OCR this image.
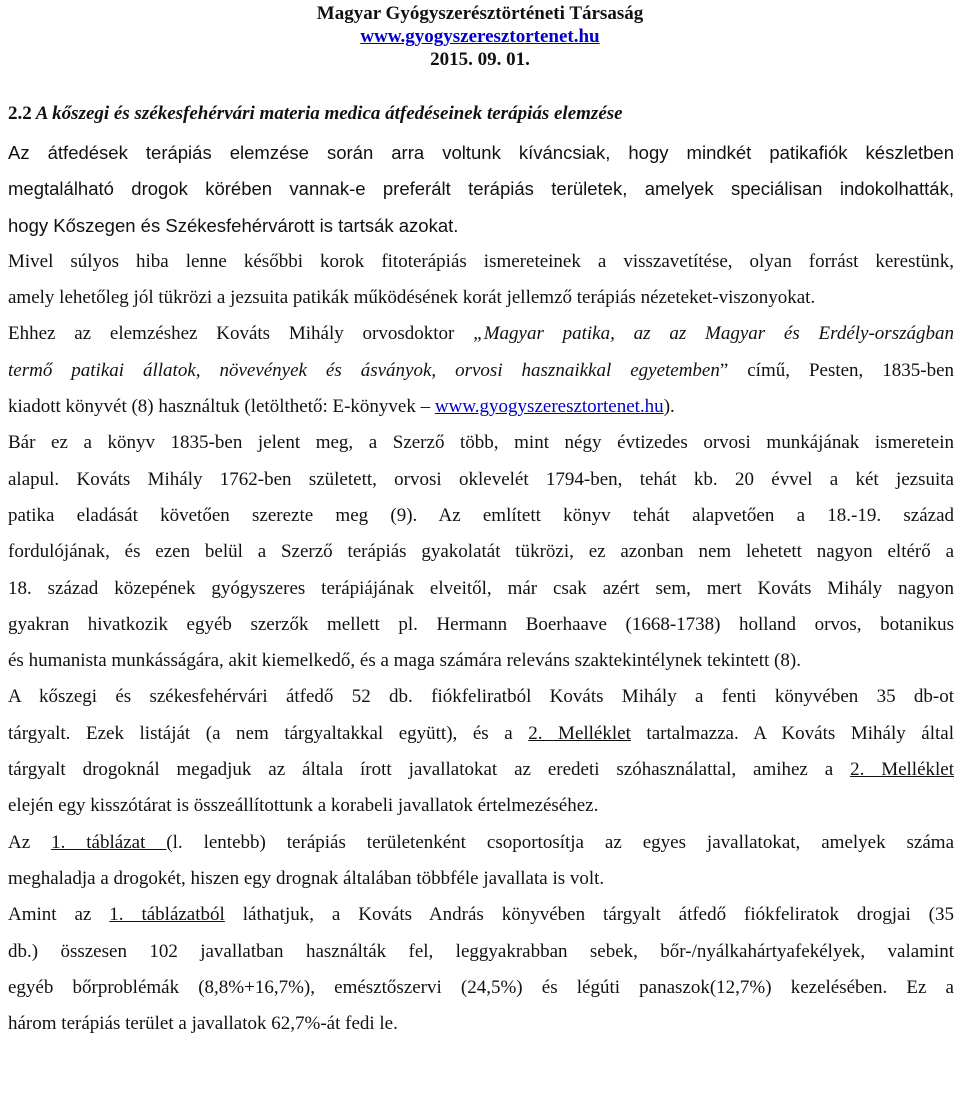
Magyar Gyógyszerésztörténeti Társaság
www.gyogyszeresztortenet.hu
2015. 09. 01.
2.2 A kőszegi és székesfehérvári materia medica átfedéseinek terápiás elemzése
Az átfedések terápiás elemzése során arra voltunk kíváncsiak, hogy mindkét patikafiók készletben
megtalálható drogok körében vannak-e preferált terápiás területek, amelyek speciálisan indokolhatták,
hogy Kőszegen és Székesfehérvárott is tartsák azokat.
Mivel súlyos hiba lenne későbbi korok fitoterápiás ismereteinek a visszavetítése, olyan forrást kerestünk,
amely lehetőleg jól tükrözi a jezsuita patikák működésének korát jellemző terápiás nézeteket-viszonyokat.
Ehhez az elemzéshez Kováts Mihály orvosdoktor „Magyar patika, az az Magyar és Erdély-országban
termő patikai állatok, növevények és ásványok, orvosi hasznaikkal egyetemben” című, Pesten, 1835-ben
kiadott könyvét (8) használtuk (letölthető: E-könyvek – www.gyogyszeresztortenet.hu).
Bár ez a könyv 1835-ben jelent meg, a Szerző több, mint négy évtizedes orvosi munkájának ismeretein
alapul. Kováts Mihály 1762-ben született, orvosi oklevelét 1794-ben, tehát kb. 20 évvel a két jezsuita
patika eladását követően szerezte meg (9). Az említett könyv tehát alapvetően a 18.-19. század
fordulójának, és ezen belül a Szerző terápiás gyakolatát tükrözi, ez azonban nem lehetett nagyon eltérő a
18. század közepének gyógyszeres terápiájának elveitől, már csak azért sem, mert Kováts Mihály nagyon
gyakran hivatkozik egyéb szerzők mellett pl. Hermann Boerhaave (1668-1738) holland orvos, botanikus
és humanista munkásságára, akit kiemelkedő, és a maga számára releváns szaktekintélynek tekintett (8).
A kőszegi és székesfehérvári átfedő 52 db. fiókfeliratból Kováts Mihály a fenti könyvében 35 db-ot
tárgyalt. Ezek listáját (a nem tárgyaltakkal együtt), és a 2. Melléklet tartalmazza. A Kováts Mihály által
tárgyalt drogoknál megadjuk az általa írott javallatokat az eredeti szóhasználattal, amihez a 2. Melléklet
elején egy kisszótárat is összeállítottunk a korabeli javallatok értelmezéséhez.
Az 1. táblázat (l. lentebb) terápiás területenként csoportosítja az egyes javallatokat, amelyek száma
meghaladja a drogokét, hiszen egy drognak általában többféle javallata is volt.
Amint az 1. táblázatból láthatjuk, a Kováts András könyvében tárgyalt átfedő fiókfeliratok drogjai (35
db.) összesen 102 javallatban használták fel, leggyakrabban sebek, bőr-/nyálkahártyafekélyek, valamint
egyéb bőrproblémák (8,8%+16,7%), emésztőszervi (24,5%) és légúti panaszok(12,7%) kezelésében. Ez a
három terápiás terület a javallatok 62,7%-át fedi le.
